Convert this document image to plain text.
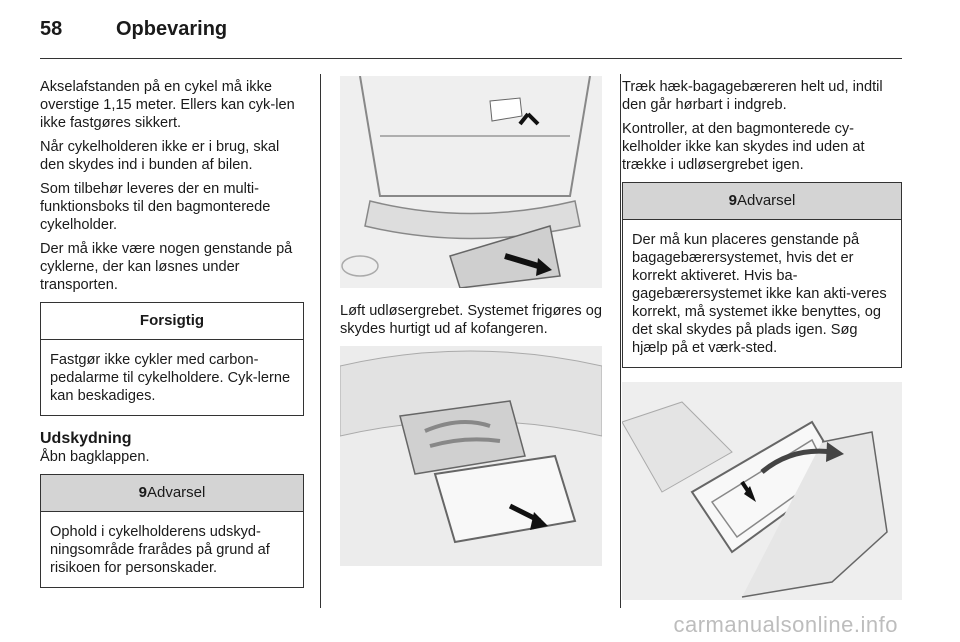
58	Opbevaring

Akselafstanden på en cykel må ikke overstige 1,15 meter. Ellers kan cyk-len ikke fastgøres sikkert.

Når cykelholderen ikke er i brug, skal den skydes ind i bunden af bilen.

Som tilbehør leveres der en multi-funktionsboks til den bagmonterede cykelholder.

Der må ikke være nogen genstande på cyklerne, der kan løsnes under transporten.

Forsigtig
Fastgør ikke cykler med carbon-pedalarme til cykelholdere. Cyk-lerne kan beskadiges.
Udskydning

Åbn bagklappen.

9Advarsel
Ophold i cykelholderens udskyd-ningsområde frarådes på grund af risikoen for personskader.

Løft udløsergrebet. Systemet frigøres og skydes hurtigt ud af kofangeren.

Træk hæk-bagagebæreren helt ud, indtil den går hørbart i indgreb.

Kontroller, at den bagmonterede cy-kelholder ikke kan skydes ind uden at trække i udløsergrebet igen.

9Advarsel
Der må kun placeres genstande på bagagebærersystemet, hvis det er korrekt aktiveret. Hvis ba-gagebærersystemet ikke kan akti-veres korrekt, må systemet ikke benyttes, og det skal skydes på plads igen. Søg hjælp på et værk-sted.
carmanualsonline.info
